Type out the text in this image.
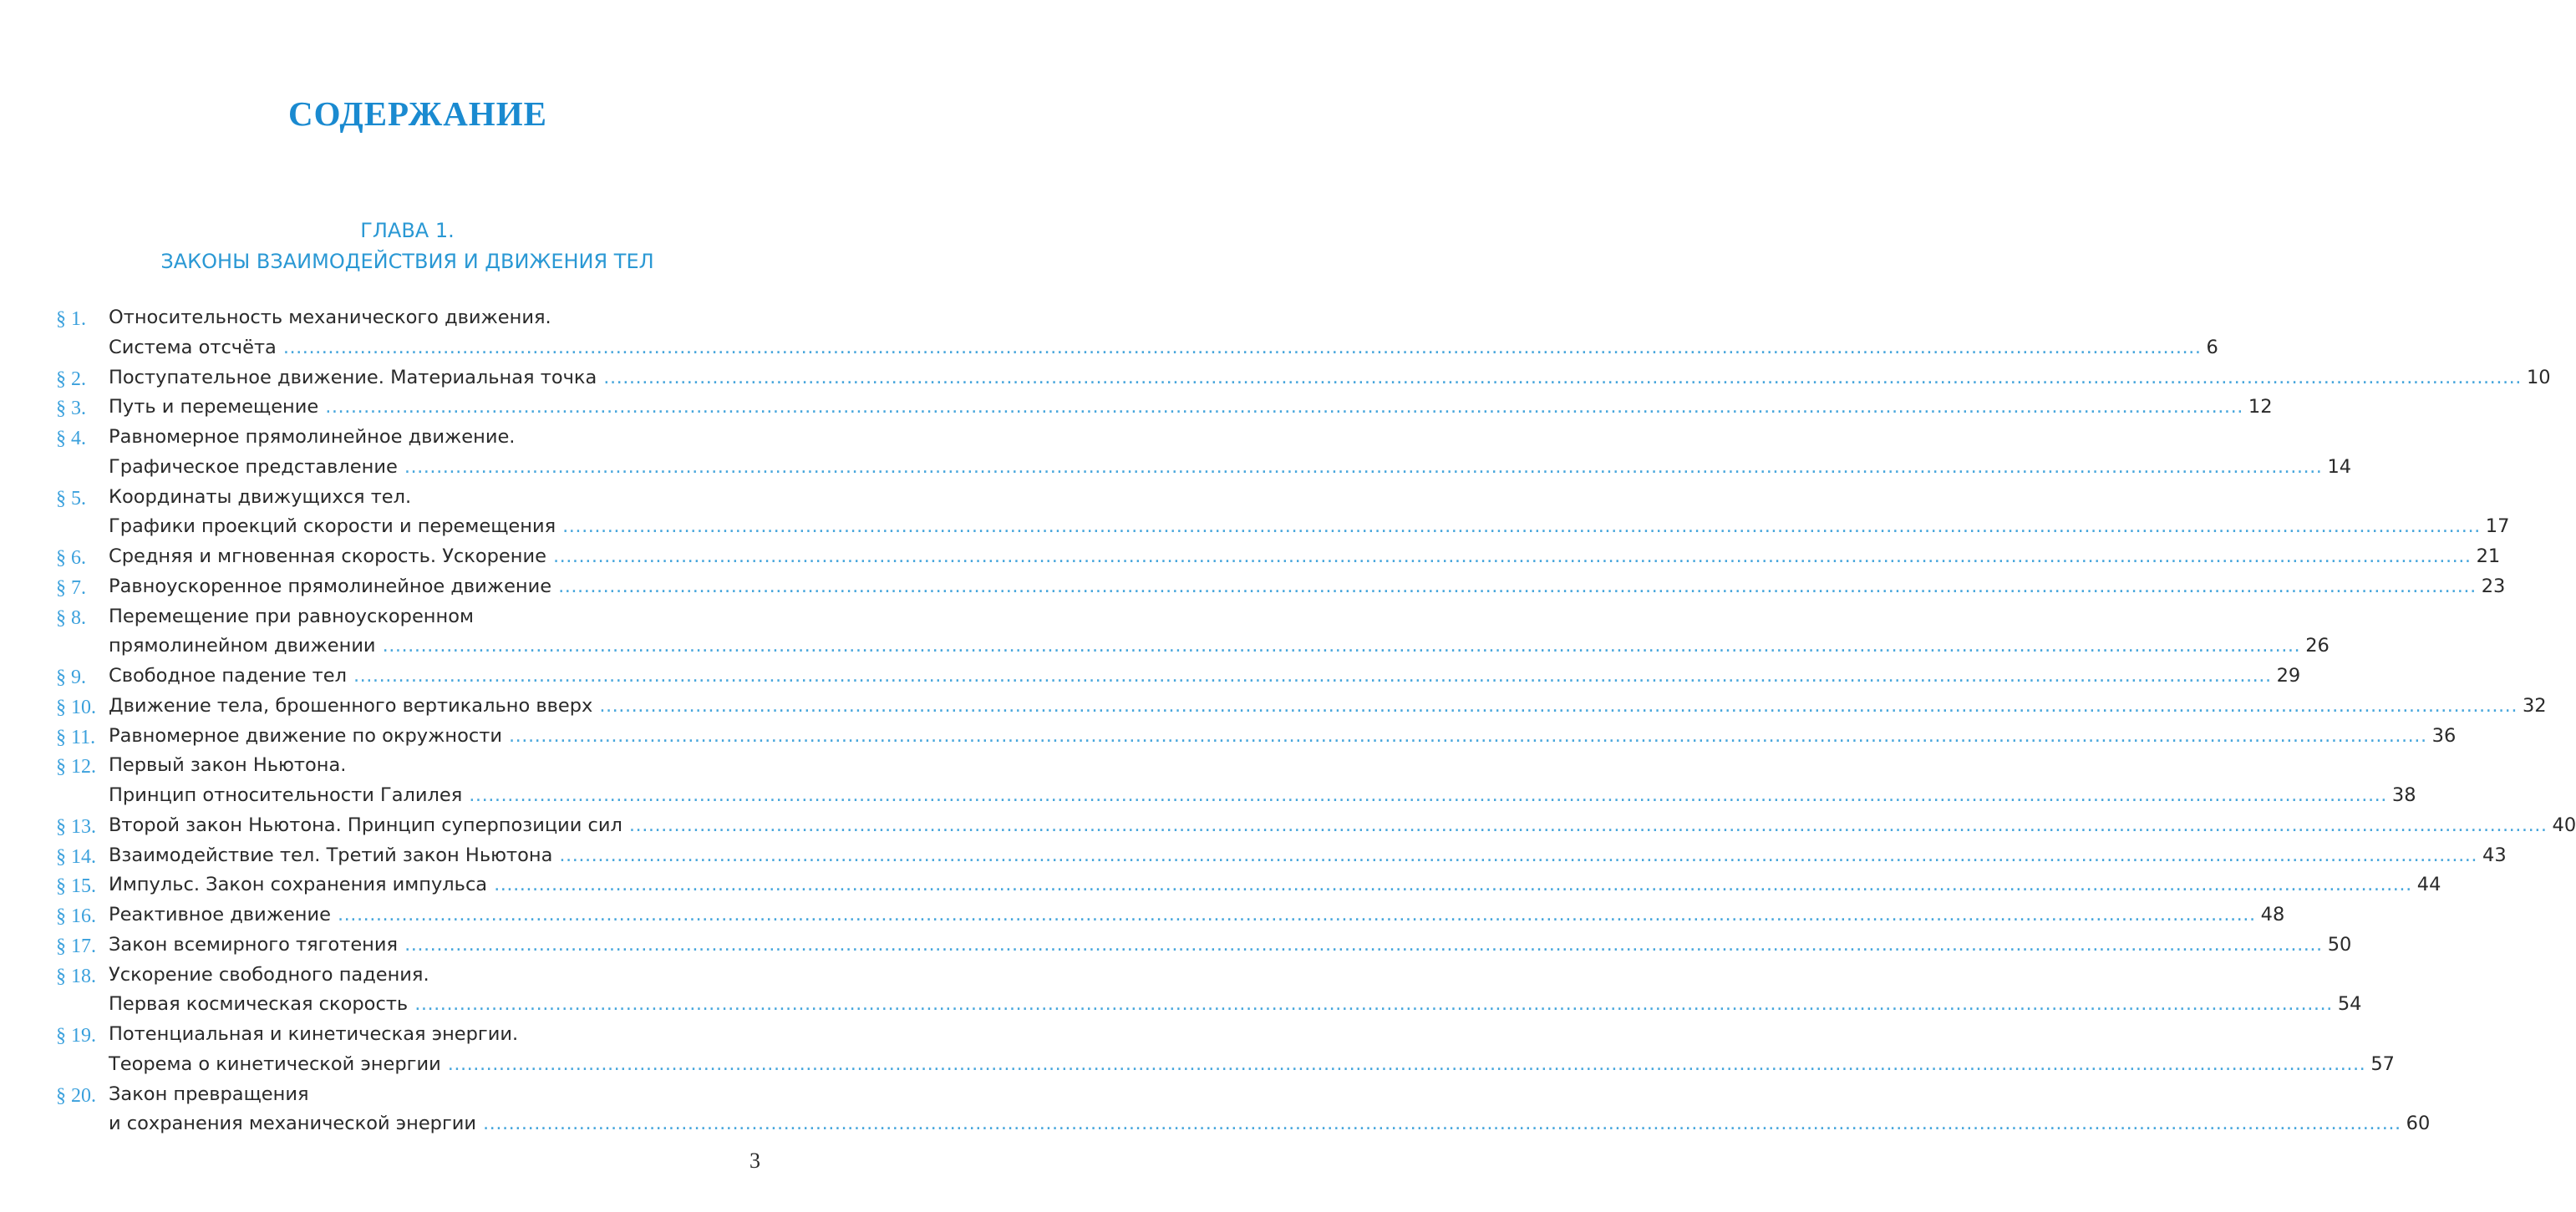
СОДЕРЖАНИЕ
ГЛАВА 1.
ЗАКОНЫ ВЗАИМОДЕЙСТВИЯ И ДВИЖЕНИЯ ТЕЛ
§ 1. Относительность механического движения.
Система отсчёта ............................................................................................................................................................................................................................................................................................................ 6
§ 2. Поступательное движение. Материальная точка ............................................................................................................................................................................................................................................................................................................ 10
§ 3. Путь и перемещение ............................................................................................................................................................................................................................................................................................................ 12
§ 4. Равномерное прямолинейное движение.
Графическое представление ............................................................................................................................................................................................................................................................................................................ 14
§ 5. Координаты движущихся тел.
Графики проекций скорости и перемещения ............................................................................................................................................................................................................................................................................................................ 17
§ 6. Средняя и мгновенная скорость. Ускорение ............................................................................................................................................................................................................................................................................................................ 21
§ 7. Равноускоренное прямолинейное движение ............................................................................................................................................................................................................................................................................................................ 23
§ 8. Перемещение при равноускоренном
прямолинейном движении ............................................................................................................................................................................................................................................................................................................ 26
§ 9. Свободное падение тел ............................................................................................................................................................................................................................................................................................................ 29
§ 10. Движение тела, брошенного вертикально вверх ............................................................................................................................................................................................................................................................................................................ 32
§ 11. Равномерное движение по окружности ............................................................................................................................................................................................................................................................................................................ 36
§ 12. Первый закон Ньютона.
Принцип относительности Галилея ............................................................................................................................................................................................................................................................................................................ 38
§ 13. Второй закон Ньютона. Принцип суперпозиции сил ............................................................................................................................................................................................................................................................................................................ 40
§ 14. Взаимодействие тел. Третий закон Ньютона ............................................................................................................................................................................................................................................................................................................ 43
§ 15. Импульс. Закон сохранения импульса ............................................................................................................................................................................................................................................................................................................ 44
§ 16. Реактивное движение ............................................................................................................................................................................................................................................................................................................ 48
§ 17. Закон всемирного тяготения ............................................................................................................................................................................................................................................................................................................ 50
§ 18. Ускорение свободного падения.
Первая космическая скорость ............................................................................................................................................................................................................................................................................................................ 54
§ 19. Потенциальная и кинетическая энергии.
Теорема о кинетической энергии ............................................................................................................................................................................................................................................................................................................ 57
§ 20. Закон превращения
и сохранения механической энергии ............................................................................................................................................................................................................................................................................................................ 60
3
